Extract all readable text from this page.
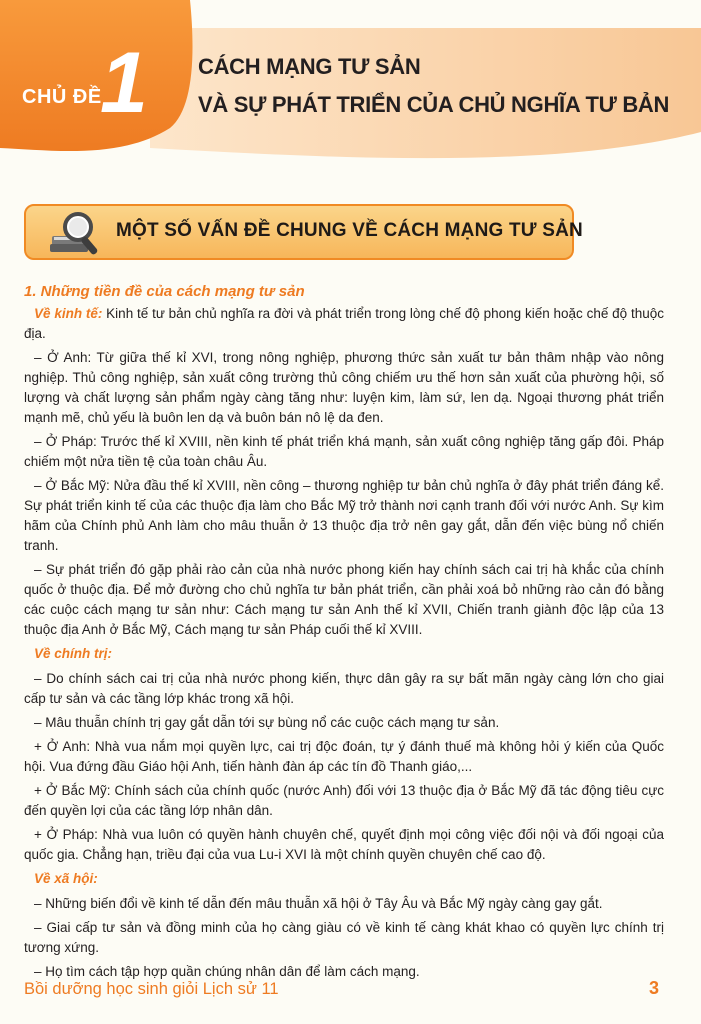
CHỦ ĐỀ
1 CÁCH MẠNG TƯ SẢN
VÀ SỰ PHÁT TRIỂN CỦA CHỦ NGHĨA TƯ BẢN
MỘT SỐ VẤN ĐỀ CHUNG VỀ CÁCH MẠNG TƯ SẢN

1. Những tiền đề của cách mạng tư sản

Về kinh tế: Kinh tế tư bản chủ nghĩa ra đời và phát triển trong lòng chế độ phong kiến hoặc chế độ thuộc địa.

– Ở Anh: Từ giữa thế kỉ XVI, trong nông nghiệp, phương thức sản xuất tư bản thâm nhập vào nông nghiệp. Thủ công nghiệp, sản xuất công trường thủ công chiếm ưu thế hơn sản xuất của phường hội, số lượng và chất lượng sản phẩm ngày càng tăng như: luyện kim, làm sứ, len dạ. Ngoại thương phát triển mạnh mẽ, chủ yếu là buôn len dạ và buôn bán nô lệ da đen.

– Ở Pháp: Trước thế kỉ XVIII, nền kinh tế phát triển khá mạnh, sản xuất công nghiệp tăng gấp đôi. Pháp chiếm một nửa tiền tệ của toàn châu Âu.

– Ở Bắc Mỹ: Nửa đầu thế kỉ XVIII, nền công – thương nghiệp tư bản chủ nghĩa ở đây phát triển đáng kể. Sự phát triển kinh tế của các thuộc địa làm cho Bắc Mỹ trở thành nơi cạnh tranh đối với nước Anh. Sự kìm hãm của Chính phủ Anh làm cho mâu thuẫn ở 13 thuộc địa trở nên gay gắt, dẫn đến việc bùng nổ chiến tranh.

– Sự phát triển đó gặp phải rào cản của nhà nước phong kiến hay chính sách cai trị hà khắc của chính quốc ở thuộc địa. Để mở đường cho chủ nghĩa tư bản phát triển, cần phải xoá bỏ những rào cản đó bằng các cuộc cách mạng tư sản như: Cách mạng tư sản Anh thế kỉ XVII, Chiến tranh giành độc lập của 13 thuộc địa Anh ở Bắc Mỹ, Cách mạng tư sản Pháp cuối thế kỉ XVIII.

Về chính trị:

– Do chính sách cai trị của nhà nước phong kiến, thực dân gây ra sự bất mãn ngày càng lớn cho giai cấp tư sản và các tầng lớp khác trong xã hội.

– Mâu thuẫn chính trị gay gắt dẫn tới sự bùng nổ các cuộc cách mạng tư sản.

+ Ở Anh: Nhà vua nắm mọi quyền lực, cai trị độc đoán, tự ý đánh thuế mà không hỏi ý kiến của Quốc hội. Vua đứng đầu Giáo hội Anh, tiến hành đàn áp các tín đồ Thanh giáo,...

+ Ở Bắc Mỹ: Chính sách của chính quốc (nước Anh) đối với 13 thuộc địa ở Bắc Mỹ đã tác động tiêu cực đến quyền lợi của các tầng lớp nhân dân.

+ Ở Pháp: Nhà vua luôn có quyền hành chuyên chế, quyết định mọi công việc đối nội và đối ngoại của quốc gia. Chẳng hạn, triều đại của vua Lu-i XVI là một chính quyền chuyên chế cao độ.

Về xã hội:

– Những biến đổi về kinh tế dẫn đến mâu thuẫn xã hội ở Tây Âu và Bắc Mỹ ngày càng gay gắt.

– Giai cấp tư sản và đồng minh của họ càng giàu có về kinh tế càng khát khao có quyền lực chính trị tương xứng.

– Họ tìm cách tập hợp quần chúng nhân dân để làm cách mạng.

Bồi dưỡng học sinh giỏi Lịch sử 11	3
